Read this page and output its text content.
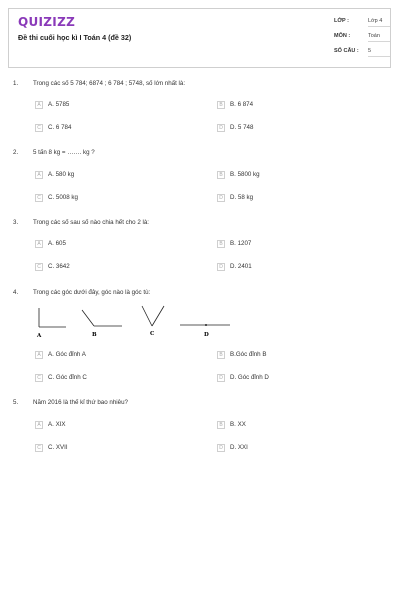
QUIZIZZ
Đề thi cuối học kì I Toán 4 (đề 32)
LỚP :	Lớp 4
MÔN :	Toán
SỐ CÂU : 5
1. Trong các số 5 784; 6874 ; 6 784 ; 5748, số lớn nhất là:
A	A. 5785	B	B. 6 874
C	C. 6 784	D	D. 5 748
2. 5 tấn 8 kg = ……. kg ?
A	A. 580 kg	B	B. 5800 kg
C	C. 5008 kg	D	D. 58 kg
3. Trong các số sau số nào chia hết cho 2 là:
A	A. 605	B	B. 1207
C	C. 3642	D	D. 2401
4. Trong các góc dưới đây, góc nào là góc tù:
A	B	C	D
A	A. Góc đỉnh A	B	B.Góc đỉnh B
C	C. Góc đỉnh C	D	D. Góc đỉnh D
5. Năm 2016 là thế kỉ thứ bao nhiêu?
A	A. XIX	B	B. XX
C	C. XVII	D	D. XXI
